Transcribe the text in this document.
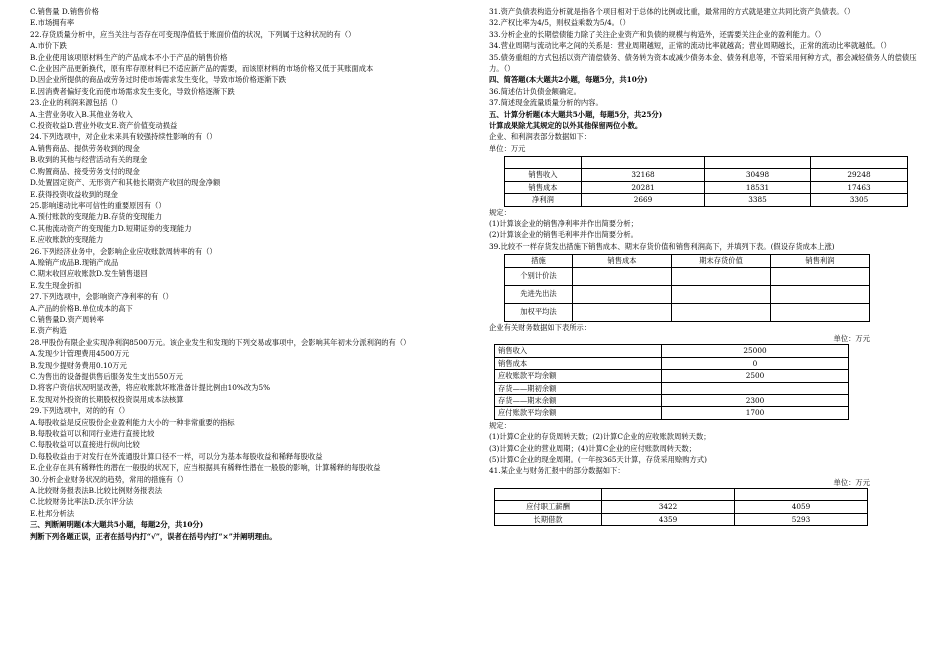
C.销售量 D.销售价格
E.市场拥有率
22.存货质量分析中，应当关注与否存在可变现净值低于账面价值的状况，下列属于这种状况的有（）
A.市价下跌
B.企业使用该项原材料生产的产品成本不小于产品的销售价格
C.企业因产品更新换代，原有库存原材料已不适应新产品的需要，而该原材料的市场价格又低于其账面成本
D.因企业所提供的商品或劳务过时使市场需求发生变化，导致市场价格逐渐下跌
E.因消费者偏好变化而使市场需求发生变化，导致价格逐渐下跌
23.企业的利润来源包括（）
A.主营业务收入B.其他业务收入
C.投资收益D.营业外收支E.资产价值变动损益
24.下列选项中，对企业未来具有较强持续性影响的有（）
A.销售商品、提供劳务收到的现金
B.收到的其他与经营活动有关的现金
C.购置商品、接受劳务支付的现金
D.处置固定资产、无形资产和其他长期资产收回的现金净额
E.获得投资收益收到的现金
25.影响速动比率可信性的重要原因有（）
A.预付账款的变现能力B.存货的变现能力
C.其他流动资产的变现能力D.短期证券的变现能力
E.应收账款的变现能力
26.下列经济业务中，会影响企业应收账款周转率的有（）
A.赊销产成品B.现销产成品
C.期末收回应收账款D.发生销售退回
E.发生现金折扣
27.下列选项中，会影响资产净利率的有（）
A.产品的价格B.单位成本的高下
C.销售量D.资产周转率
E.资产构造
28.甲股份有限企业实现净利润8500万元。该企业发生和发现的下列交易或事项中，会影响其年初未分派利润的有（）
A.发现少计管理费用4500万元
B.发现少提财务费用0.10万元
C.为售出的设备提供售后服务发生支出550万元
D.将客户资信状况明显改善，将应收账款坏账准备计提比例由10%改为5%
E.发现对外投资的长期股权投资误用成本法核算
29.下列选项中，对的的有（）
A.每股收益是反应股份企业盈利能力大小的一种非常重要的指标
B.每股收益可以和同行业进行直接比较
C.每股收益可以直接进行纵向比较
D.每股收益由于对发行在外流通股计算口径不一样，可以分为基本每股收益和稀释每股收益
E.企业存在具有稀释性的潜在一般股的状况下，应当根据具有稀释性潜在一般股的影响，计算稀释的每股收益
30.分析企业财务状况的趋势，常用的措施有（）
A.比较财务报表法B.比较比例财务报表法
C.比较财务比率法D.沃尔评分法
E.杜邦分析法
三、判断阐明题(本大题共5小题，每题2分，共10分)
判断下列各题正误，正者在括号内打“√”，误者在括号内打“×”并阐明理由。
31.资产负债表构造分析就是指各个项目相对于总体的比例或比重，最常用的方式就是建立共同比资产负债表。（）
32.产权比率为4/5，则权益乘数为5/4。（）
33.分析企业的长期偿债能力除了关注企业资产和负债的规模与构造外，还需要关注企业的盈利能力。（）
34.营业周期与流动比率之间的关系是：营业周期越短，正常的流动比率就越高；营业周期越长，正常的流动比率就越低。（）
35.债务重组的方式包括以资产清偿债务、债务转为资本或减少债务本金、债务利息等，不管采用何种方式，都会减轻债务人的偿债压力。（）
四、简答题(本大题共2小题，每题5分，共10分)
36.简述估计负债金额确定。
37.简述现金流量质量分析的内容。
五、计算分析题(本大题共5小题，每题5分，共25分)
计算成果除尤其规定的以外其他保留两位小数。
企业、和利润表部分数据如下：
单位：万元

销售收入	32168	30498	29248
销售成本	20281	18531	17463
净利润	2669	3385	3305
规定：
(1)计算该企业的销售净利率并作出简要分析；
(2)计算该企业的销售毛利率并作出简要分析。
39.比较不一样存货发出措施下销售成本、期末存货价值和销售利润高下，并填列下表。(假设存货成本上涨)
措施	销售成本	期末存货价值	销售利润
个别计价法			
先进先出法			
加权平均法			
企业有关财务数据如下表所示：
单位：万元
销售收入	25000
销售成本	0
应收账款平均余额	2500
存货——期初余额	
存货——期末余额	2300
应付账款平均余额	1700
规定：
(1)计算C企业的存货周转天数；(2)计算C企业的应收账款周转天数；
(3)计算C企业的营业周期；(4)计算C企业的应付账款周转天数；
(5)计算C企业的现金周期。(一年按365天计算，存货采用赊购方式)
41.某企业与财务汇报中的部分数据如下：
单位：万元

应付职工薪酬	3422	4059
长期借款	4359	5293
